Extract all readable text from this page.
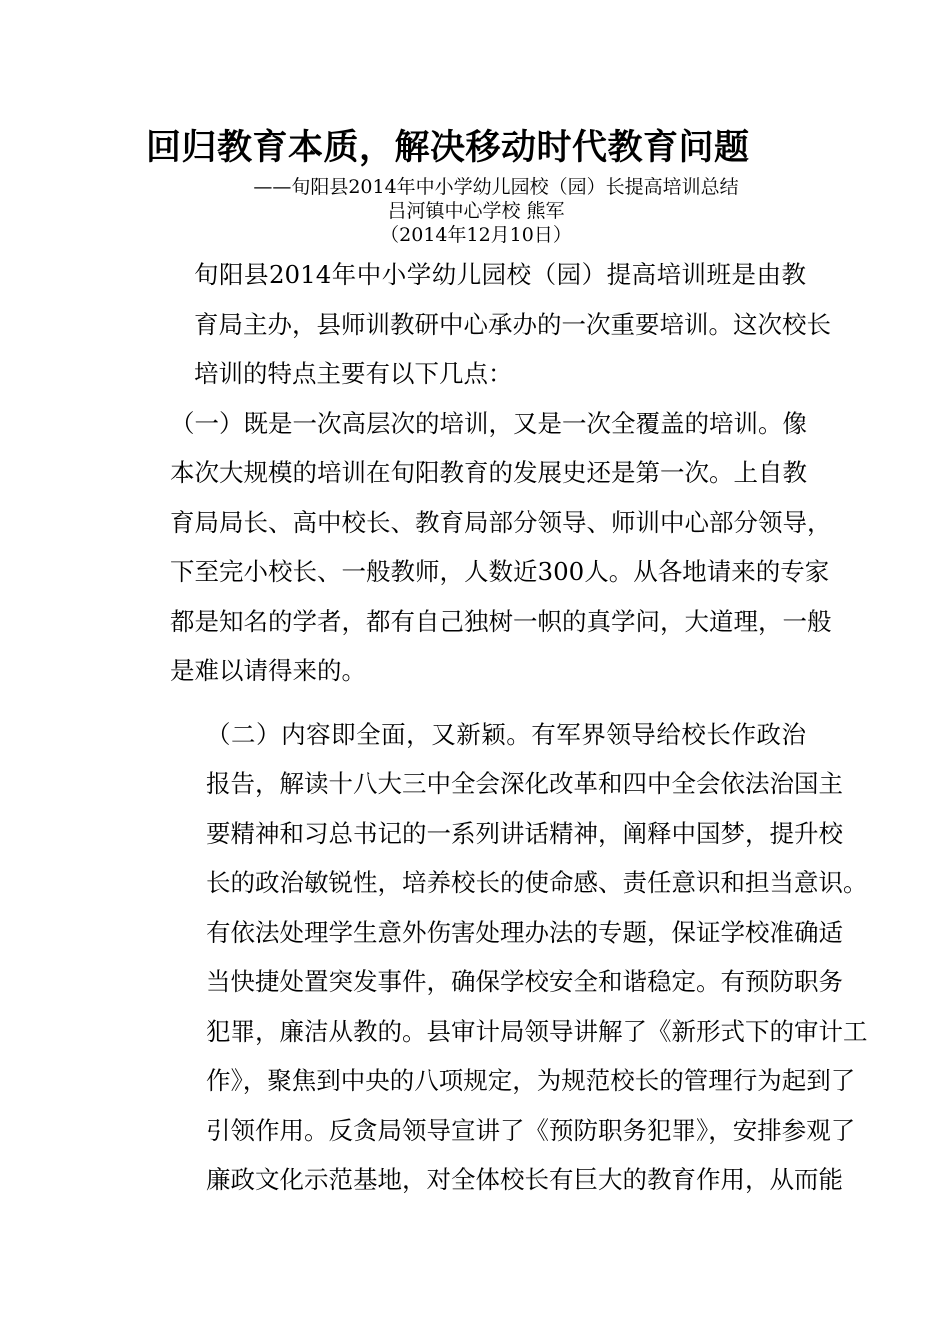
回归教育本质，解决移动时代教育问题
——旬阳县2014年中小学幼儿园校（园）长提高培训总结
吕河镇中心学校 熊军
（2014年12月10日）
旬阳县2014年中小学幼儿园校（园）提高培训班是由教
育局主办，县师训教研中心承办的一次重要培训。这次校长
培训的特点主要有以下几点：
（一）既是一次高层次的培训，又是一次全覆盖的培训。像
本次大规模的培训在旬阳教育的发展史还是第一次。上自教
育局局长、高中校长、教育局部分领导、师训中心部分领导，
下至完小校长、一般教师，人数近300人。从各地请来的专家
都是知名的学者，都有自己独树一帜的真学问，大道理，一般
是难以请得来的。
（二）内容即全面，又新颖。有军界领导给校长作政治
报告，解读十八大三中全会深化改革和四中全会依法治国主
要精神和习总书记的一系列讲话精神，阐释中国梦，提升校
长的政治敏锐性，培养校长的使命感、责任意识和担当意识。
有依法处理学生意外伤害处理办法的专题，保证学校准确适
当快捷处置突发事件，确保学校安全和谐稳定。有预防职务
犯罪，廉洁从教的。县审计局领导讲解了《新形式下的审计工
作》，聚焦到中央的八项规定，为规范校长的管理行为起到了
引领作用。反贪局领导宣讲了《预防职务犯罪》，安排参观了
廉政文化示范基地，对全体校长有巨大的教育作用，从而能
